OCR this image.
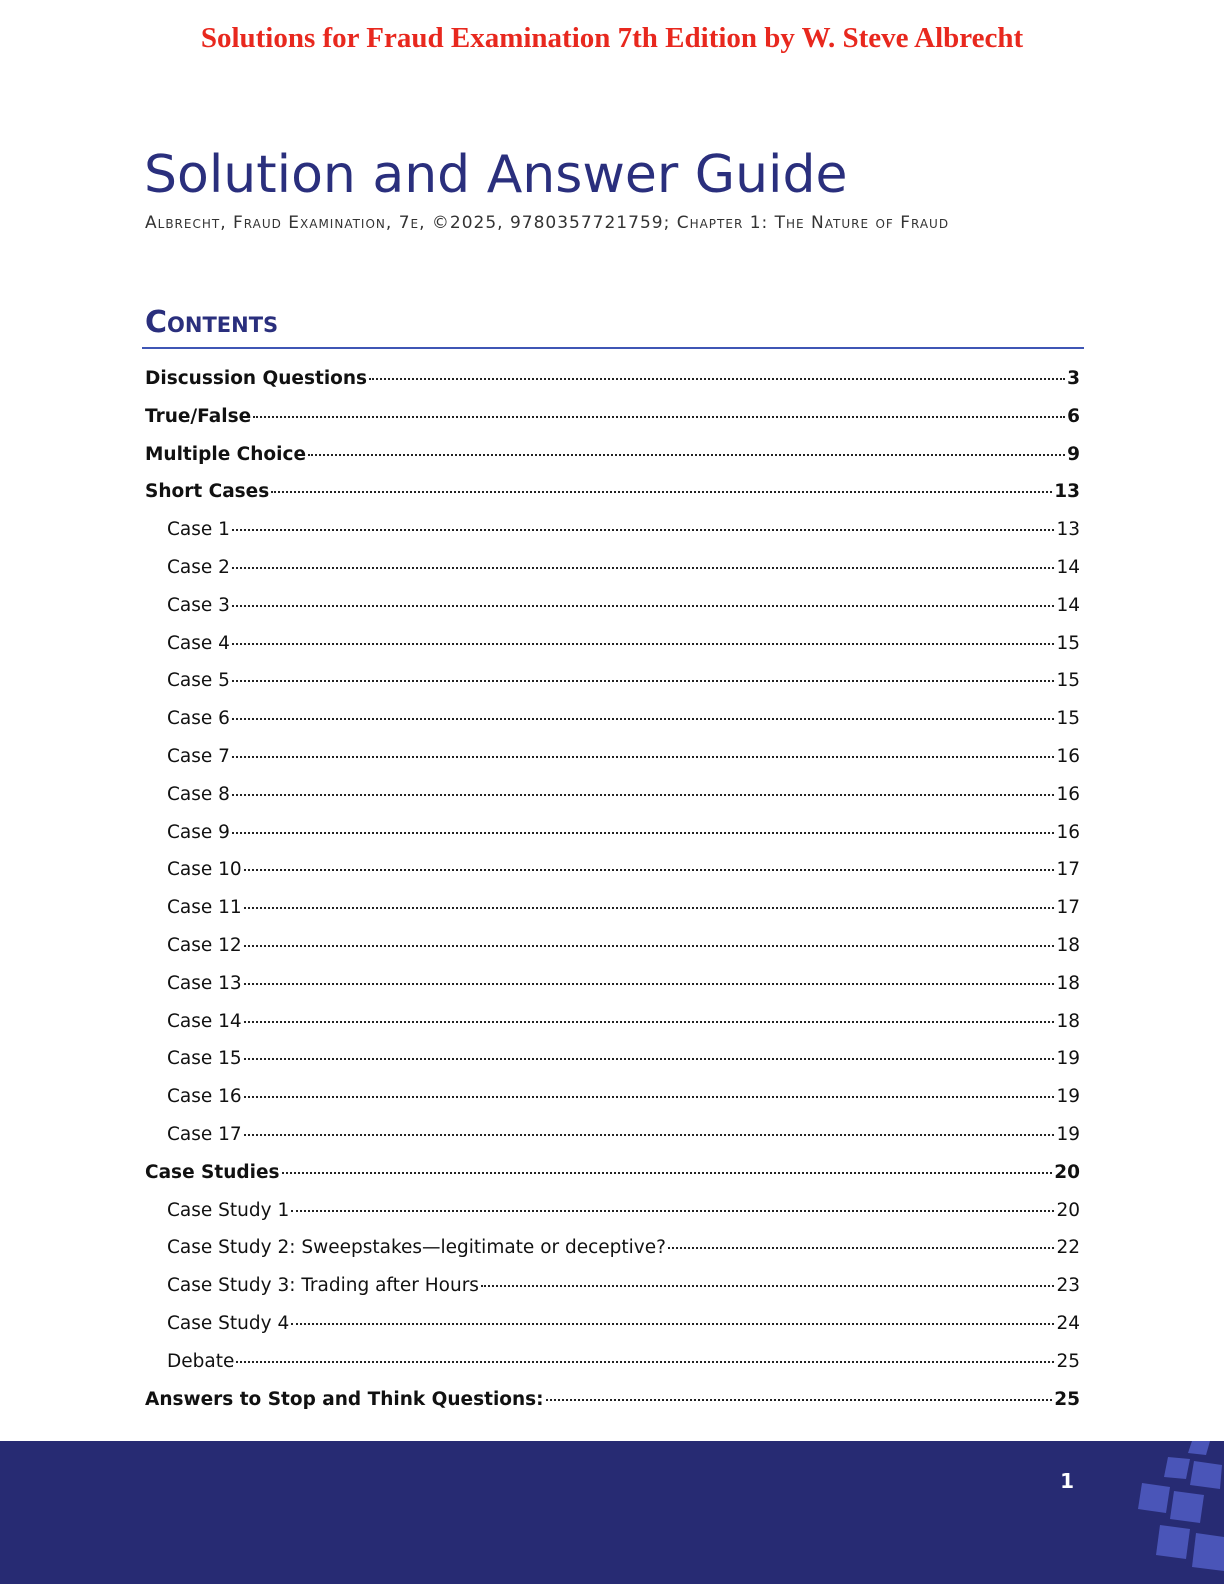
Solutions for Fraud Examination 7th Edition by W. Steve Albrecht
Solution and Answer Guide
Albrecht, Fraud Examination, 7e, ©2025, 9780357721759; Chapter 1: The Nature of Fraud
Contents
Discussion Questions	3
True/False	6
Multiple Choice	9
Short Cases	13
Case 1	13
Case 2	14
Case 3	14
Case 4	15
Case 5	15
Case 6	15
Case 7	16
Case 8	16
Case 9	16
Case 10	17
Case 11	17
Case 12	18
Case 13	18
Case 14	18
Case 15	19
Case 16	19
Case 17	19
Case Studies	20
Case Study 1	20
Case Study 2: Sweepstakes—legitimate or deceptive?	22
Case Study 3: Trading after Hours	23
Case Study 4	24
Debate	25
Answers to Stop and Think Questions:	25
1
